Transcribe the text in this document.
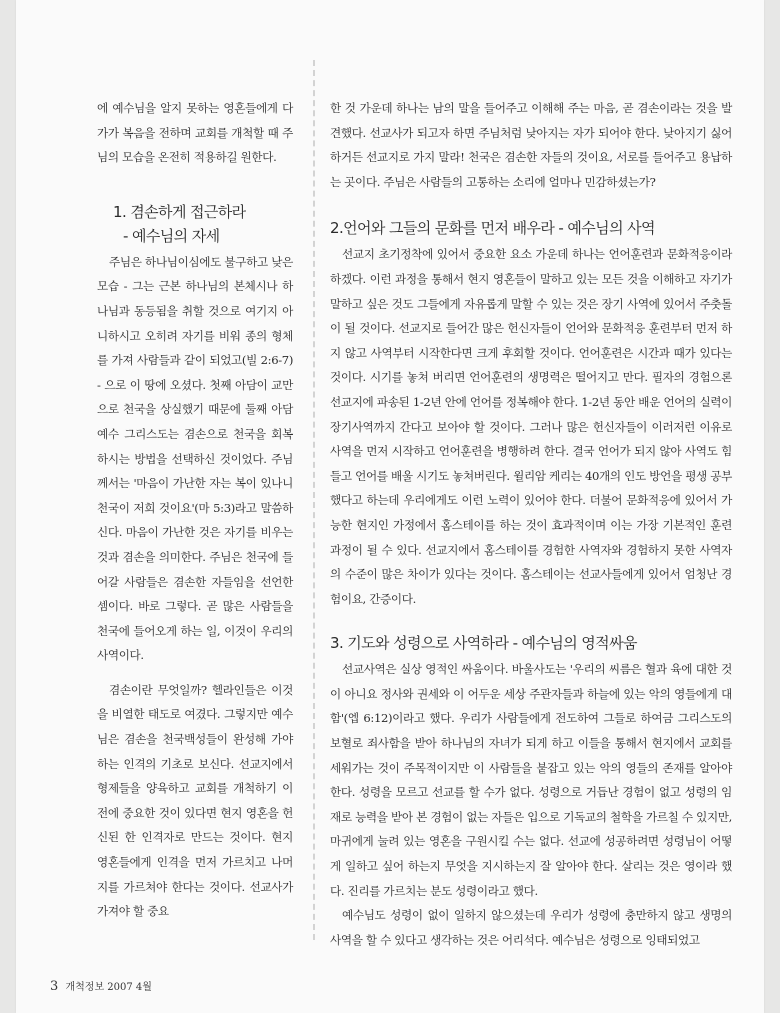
에 예수님을 알지 못하는 영혼들에게 다가가 복음을 전하며 교회를 개척할 때 주님의 모습을 온전히 적용하길 원한다.

1. 겸손하게 접근하라
- 예수님의 자세

주님은 하나님이심에도 불구하고 낮은 모습 - 그는 근본 하나님의 본체시나 하나님과 동등됨을 취할 것으로 여기지 아니하시고 오히려 자기를 비워 종의 형체를 가져 사람들과 같이 되었고(빌 2:6-7) - 으로 이 땅에 오셨다. 첫째 아담이 교만으로 천국을 상실했기 때문에 둘째 아담 예수 그리스도는 겸손으로 천국을 회복하시는 방법을 선택하신 것이었다. 주님께서는 '마음이 가난한 자는 복이 있나니 천국이 저희 것이요'(마 5:3)라고 말씀하신다. 마음이 가난한 것은 자기를 비우는 것과 겸손을 의미한다. 주님은 천국에 들어갈 사람들은 겸손한 자들임을 선언한 셈이다. 바로 그렇다. 곧 많은 사람들을 천국에 들어오게 하는 일, 이것이 우리의 사역이다.

겸손이란 무엇일까? 헬라인들은 이것을 비열한 태도로 여겼다. 그렇지만 예수님은 겸손을 천국백성들이 완성해 가야 하는 인격의 기초로 보신다. 선교지에서 형제들을 양육하고 교회를 개척하기 이전에 중요한 것이 있다면 현지 영혼을 헌신된 한 인격자로 만드는 것이다. 현지 영혼들에게 인격을 먼저 가르치고 나머지를 가르쳐야 한다는 것이다. 선교사가 가져야 할 중요

한 것 가운데 하나는 남의 말을 들어주고 이해해 주는 마음, 곧 겸손이라는 것을 발견했다. 선교사가 되고자 하면 주님처럼 낮아지는 자가 되어야 한다. 낮아지기 싫어하거든 선교지로 가지 말라! 천국은 겸손한 자들의 것이요, 서로를 들어주고 용납하는 곳이다. 주님은 사람들의 고통하는 소리에 얼마나 민감하셨는가?

2.언어와 그들의 문화를 먼저 배우라 - 예수님의 사역

선교지 초기정착에 있어서 중요한 요소 가운데 하나는 언어훈련과 문화적응이라 하겠다. 이런 과정을 통해서 현지 영혼들이 말하고 있는 모든 것을 이해하고 자기가 말하고 싶은 것도 그들에게 자유롭게 말할 수 있는 것은 장기 사역에 있어서 주춧돌이 될 것이다. 선교지로 들어간 많은 헌신자들이 언어와 문화적응 훈련부터 먼저 하지 않고 사역부터 시작한다면 크게 후회할 것이다. 언어훈련은 시간과 때가 있다는 것이다. 시기를 놓쳐 버리면 언어훈련의 생명력은 떨어지고 만다. 필자의 경험으론 선교지에 파송된 1-2년 안에 언어를 정복해야 한다. 1-2년 동안 배운 언어의 실력이 장기사역까지 간다고 보아야 할 것이다. 그러나 많은 헌신자들이 이러저런 이유로 사역을 먼저 시작하고 언어훈련을 병행하려 한다. 결국 언어가 되지 않아 사역도 힘들고 언어를 배울 시기도 놓쳐버린다. 윌리암 케리는 40개의 인도 방언을 평생 공부했다고 하는데 우리에게도 이런 노력이 있어야 한다. 더불어 문화적응에 있어서 가능한 현지인 가정에서 홈스테이를 하는 것이 효과적이며 이는 가장 기본적인 훈련과정이 될 수 있다. 선교지에서 홈스테이를 경험한 사역자와 경험하지 못한 사역자의 수준이 많은 차이가 있다는 것이다. 홈스테이는 선교사들에게 있어서 엄청난 경험이요, 간증이다.

3. 기도와 성령으로 사역하라 - 예수님의 영적싸움

선교사역은 실상 영적인 싸움이다. 바울사도는 '우리의 씨름은 혈과 육에 대한 것이 아니요 정사와 권세와 이 어두운 세상 주관자들과 하늘에 있는 악의 영들에게 대함'(엡 6:12)이라고 했다. 우리가 사람들에게 전도하여 그들로 하여금 그리스도의 보혈로 죄사함을 받아 하나님의 자녀가 되게 하고 이들을 통해서 현지에서 교회를 세워가는 것이 주목적이지만 이 사람들을 붙잡고 있는 악의 영들의 존재를 알아야 한다. 성령을 모르고 선교를 할 수가 없다. 성령으로 거듭난 경험이 없고 성령의 임재로 능력을 받아 본 경험이 없는 자들은 입으로 기독교의 철학을 가르칠 수 있지만, 마귀에게 눌려 있는 영혼을 구원시킬 수는 없다. 선교에 성공하려면 성령님이 어떻게 일하고 싶어 하는지 무엇을 지시하는지 잘 알아야 한다. 살리는 것은 영이라 했다. 진리를 가르치는 분도 성령이라고 했다.

예수님도 성령이 없이 일하지 않으셨는데 우리가 성령에 충만하지 않고 생명의 사역을 할 수 있다고 생각하는 것은 어리석다. 예수님은 성령으로 잉태되었고

3 개척정보 2007 4월
